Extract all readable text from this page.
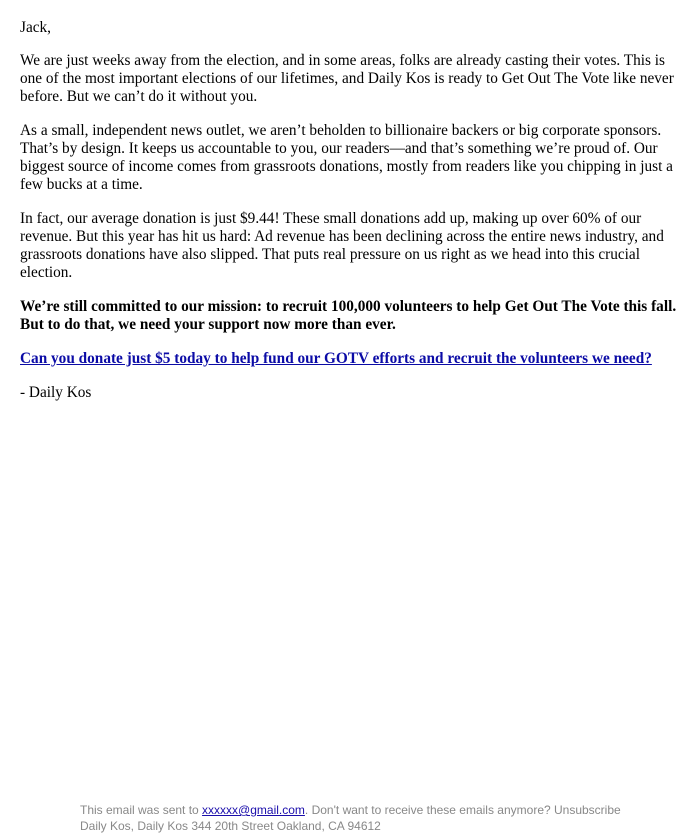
Jack,

We are just weeks away from the election, and in some areas, folks are already casting their votes. This is one of the most important elections of our lifetimes, and Daily Kos is ready to Get Out The Vote like never before. But we can’t do it without you.

As a small, independent news outlet, we aren’t beholden to billionaire backers or big corporate sponsors. That’s by design. It keeps us accountable to you, our readers—and that’s something we’re proud of. Our biggest source of income comes from grassroots donations, mostly from readers like you chipping in just a few bucks at a time.

In fact, our average donation is just $9.44! These small donations add up, making up over 60% of our revenue. But this year has hit us hard: Ad revenue has been declining across the entire news industry, and grassroots donations have also slipped. That puts real pressure on us right as we head into this crucial election.

We’re still committed to our mission: to recruit 100,000 volunteers to help Get Out The Vote this fall. But to do that, we need your support now more than ever.

Can you donate just $5 today to help fund our GOTV efforts and recruit the volunteers we need?

- Daily Kos

This email was sent to xxxxxx@gmail.com. Don't want to receive these emails anymore? Unsubscribe
Daily Kos, Daily Kos 344 20th Street Oakland, CA 94612
